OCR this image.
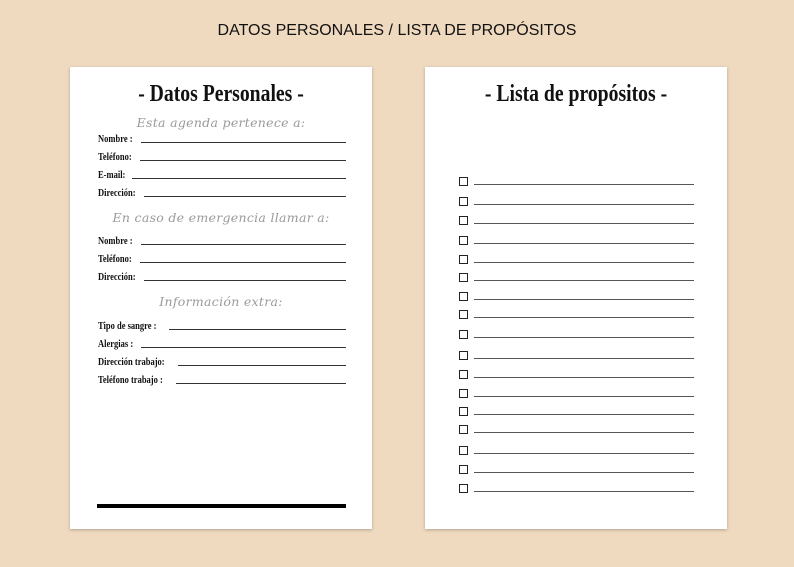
DATOS PERSONALES / LISTA DE PROPÓSITOS
- Datos Personales -
Esta agenda pertenece a:
Nombre :
Teléfono:
E-mail:
Dirección:
En caso de emergencia llamar a:
Nombre :
Teléfono:
Dirección:
Información extra:
Tipo de sangre :
Alergias :
Dirección trabajo:
Teléfono trabajo :
- Lista de propósitos -
